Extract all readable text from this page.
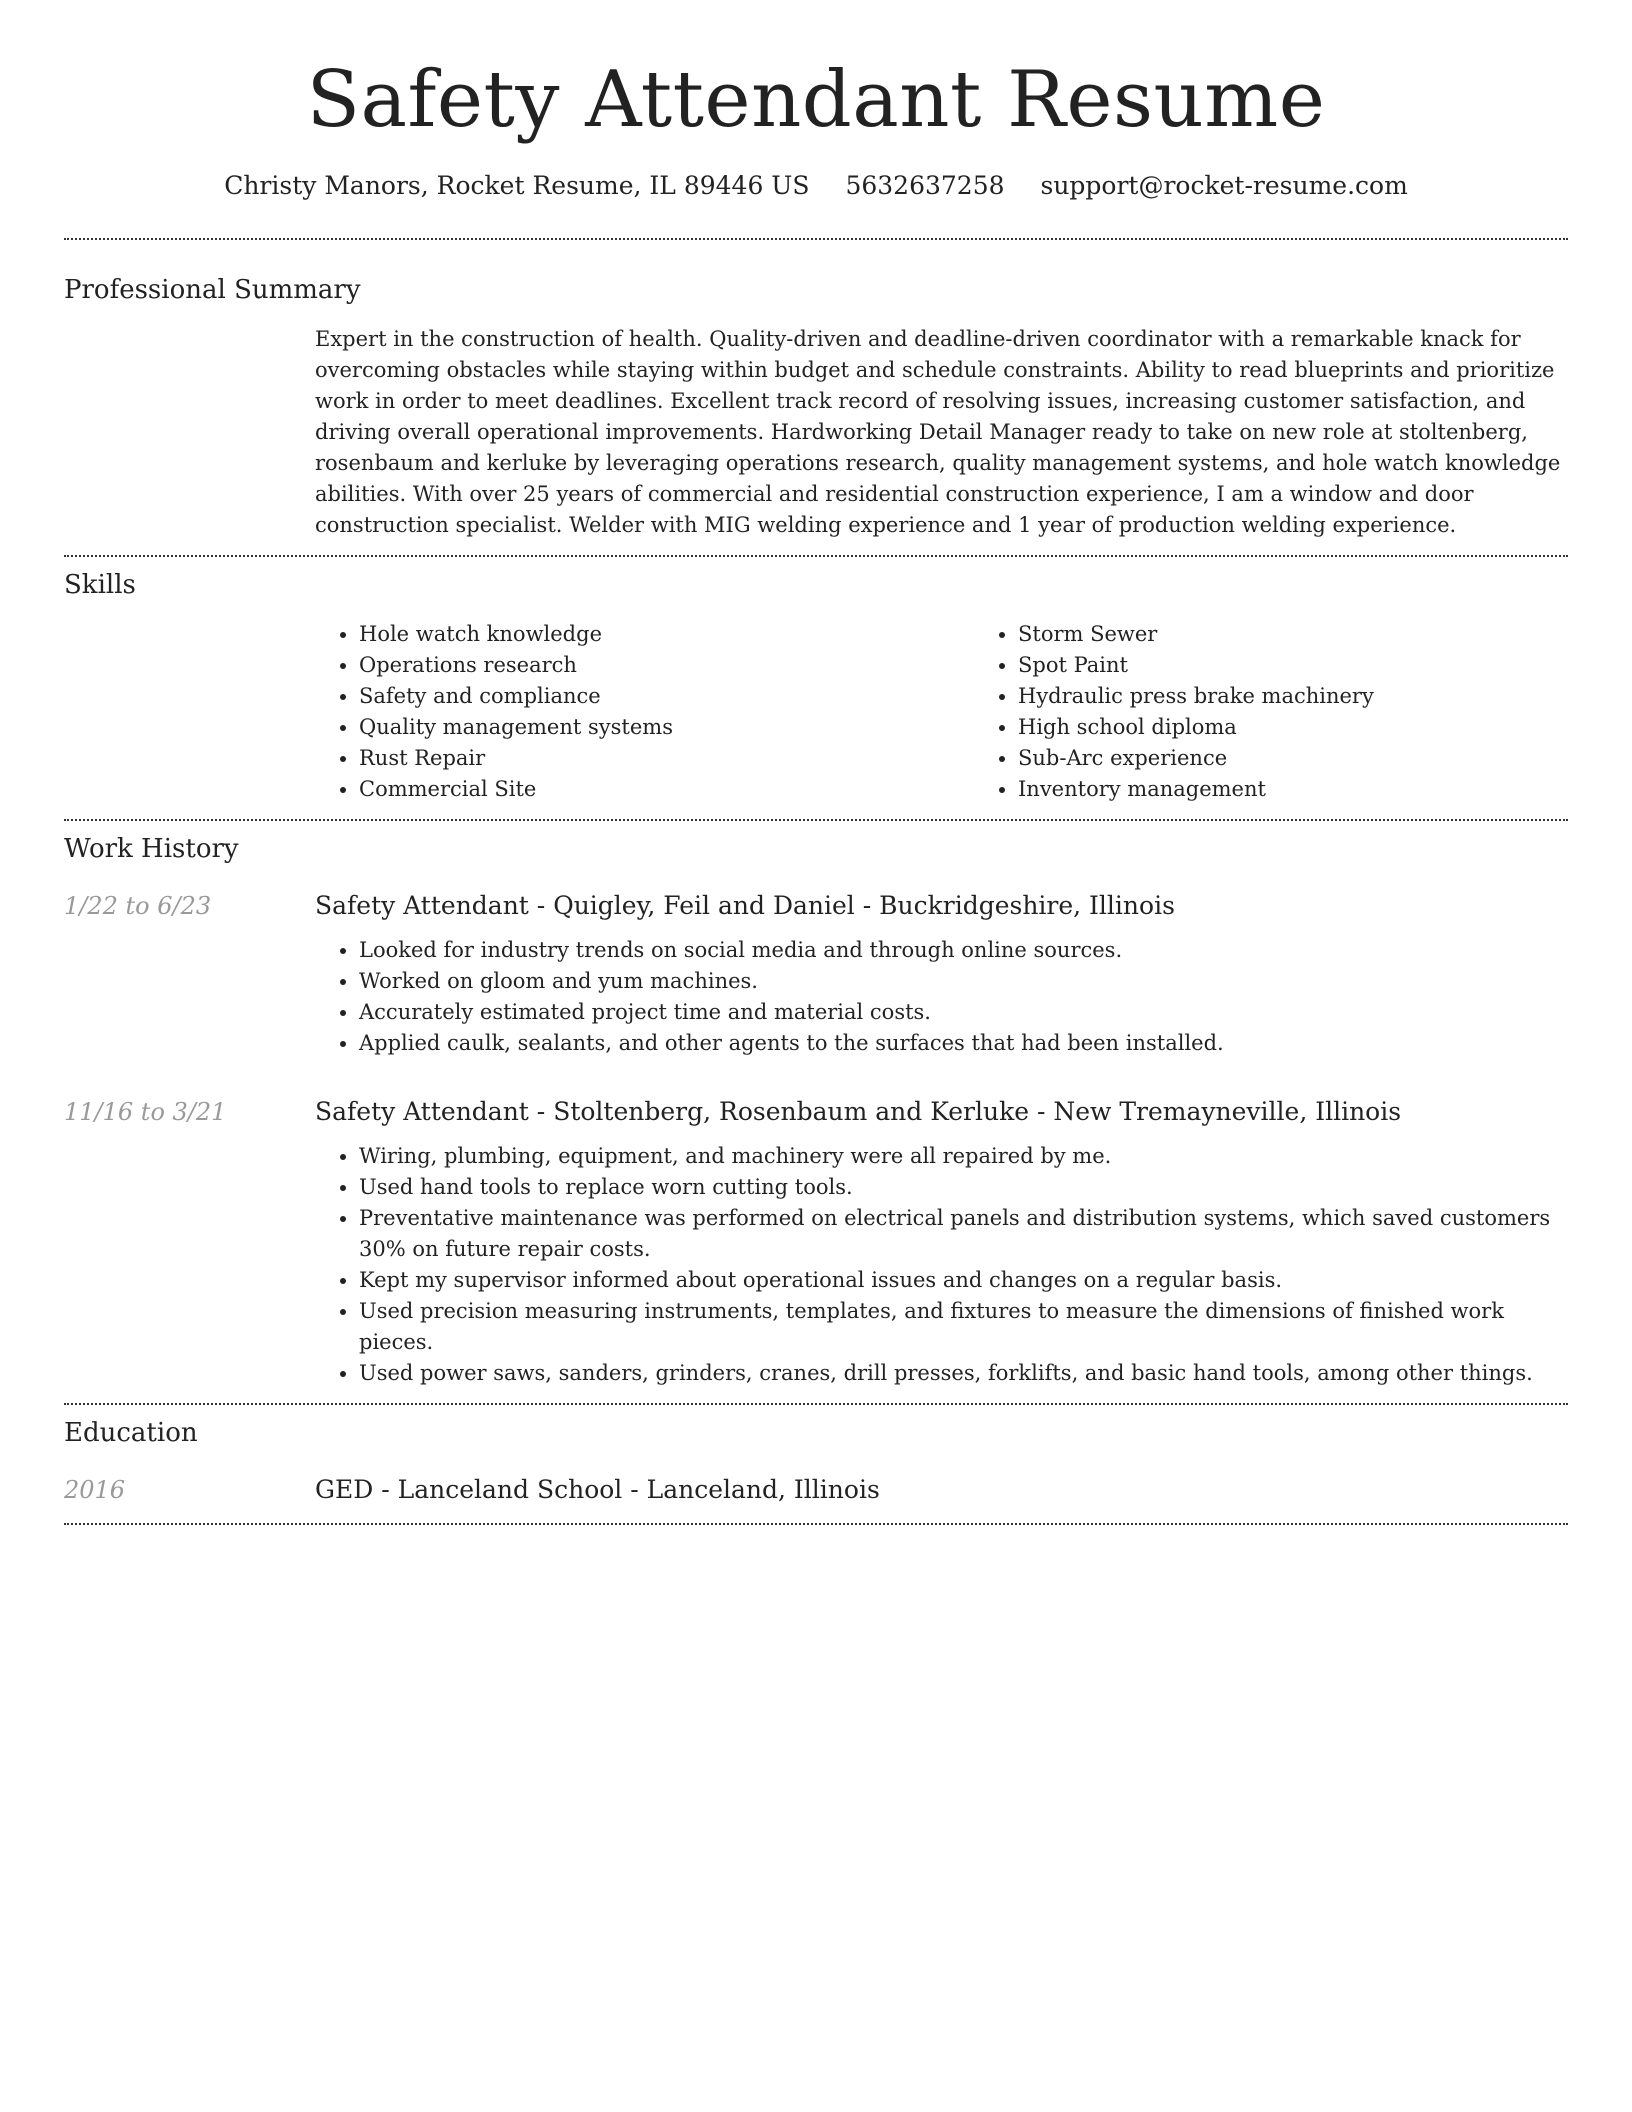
Safety Attendant Resume
Christy Manors, Rocket Resume, IL 89446 US 5632637258 support@rocket-resume.com
Professional Summary

Expert in the construction of health. Quality-driven and deadline-driven coordinator with a remarkable knack for overcoming obstacles while staying within budget and schedule constraints. Ability to read blueprints and prioritize work in order to meet deadlines. Excellent track record of resolving issues, increasing customer satisfaction, and driving overall operational improvements. Hardworking Detail Manager ready to take on new role at stoltenberg, rosenbaum and kerluke by leveraging operations research, quality management systems, and hole watch knowledge abilities. With over 25 years of commercial and residential construction experience, I am a window and door construction specialist. Welder with MIG welding experience and 1 year of production welding experience.

Skills
• Hole watch knowledge
• Operations research
• Safety and compliance
• Quality management systems
• Rust Repair
• Commercial Site
• Storm Sewer
• Spot Paint
• Hydraulic press brake machinery
• High school diploma
• Sub-Arc experience
• Inventory management
Work History
1/22 to 6/23	Safety Attendant - Quigley, Feil and Daniel - Buckridgeshire, Illinois
• Looked for industry trends on social media and through online sources.
• Worked on gloom and yum machines.
• Accurately estimated project time and material costs.
• Applied caulk, sealants, and other agents to the surfaces that had been installed.
11/16 to 3/21	Safety Attendant - Stoltenberg, Rosenbaum and Kerluke - New Tremayneville, Illinois
• Wiring, plumbing, equipment, and machinery were all repaired by me.
• Used hand tools to replace worn cutting tools.
• Preventative maintenance was performed on electrical panels and distribution systems, which saved customers 30% on future repair costs.
• Kept my supervisor informed about operational issues and changes on a regular basis.
• Used precision measuring instruments, templates, and fixtures to measure the dimensions of finished work pieces.
• Used power saws, sanders, grinders, cranes, drill presses, forklifts, and basic hand tools, among other things.
Education
2016	GED - Lanceland School - Lanceland, Illinois
